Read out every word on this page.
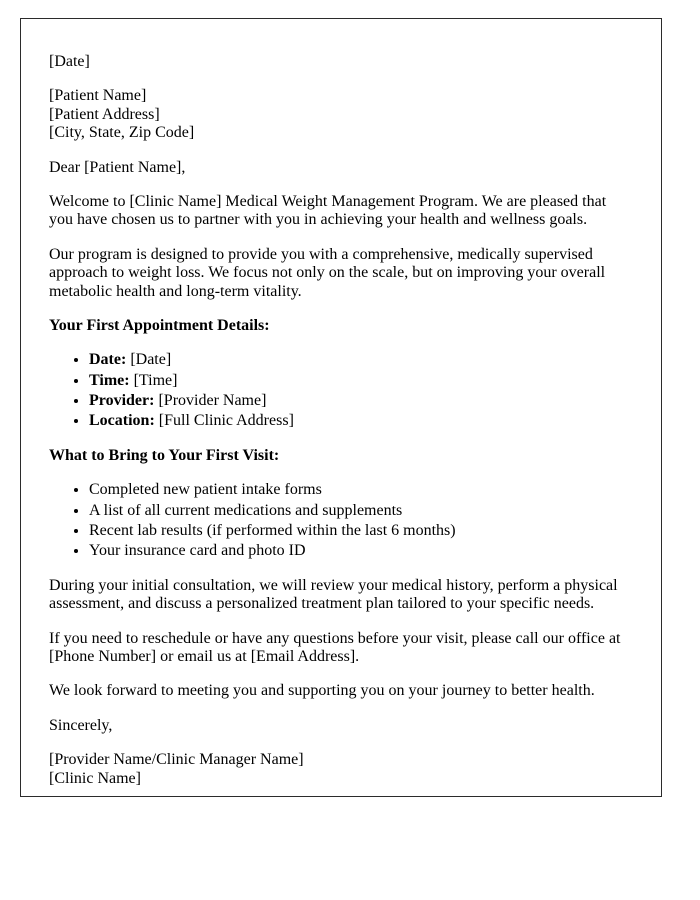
[Date]

[Patient Name]
[Patient Address]
[City, State, Zip Code]

Dear [Patient Name],

Welcome to [Clinic Name] Medical Weight Management Program. We are pleased that you have chosen us to partner with you in achieving your health and wellness goals.

Our program is designed to provide you with a comprehensive, medically supervised approach to weight loss. We focus not only on the scale, but on improving your overall metabolic health and long-term vitality.

Your First Appointment Details:

• Date: [Date]
• Time: [Time]
• Provider: [Provider Name]
• Location: [Full Clinic Address]

What to Bring to Your First Visit:

• Completed new patient intake forms
• A list of all current medications and supplements
• Recent lab results (if performed within the last 6 months)
• Your insurance card and photo ID

During your initial consultation, we will review your medical history, perform a physical assessment, and discuss a personalized treatment plan tailored to your specific needs.

If you need to reschedule or have any questions before your visit, please call our office at [Phone Number] or email us at [Email Address].

We look forward to meeting you and supporting you on your journey to better health.

Sincerely,

[Provider Name/Clinic Manager Name]
[Clinic Name]
